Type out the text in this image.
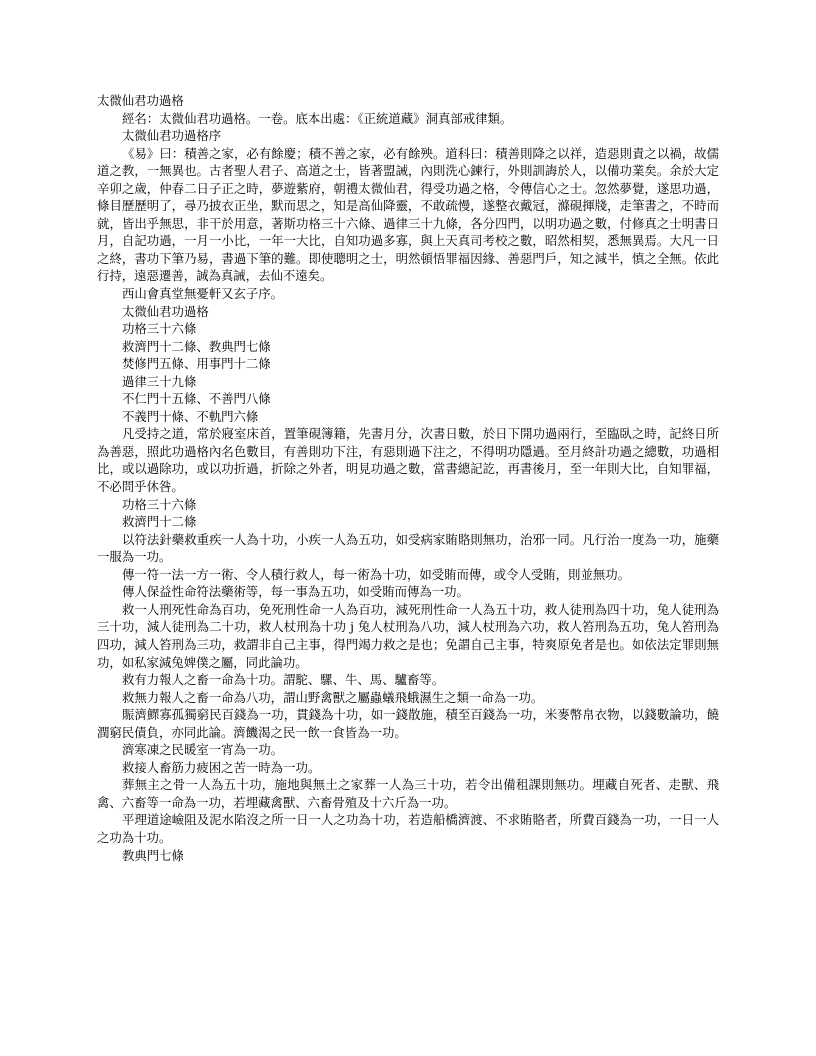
太微仙君功過格

經名：太微仙君功過格。一卷。底本出處：《正統道藏》洞真部戒律類。

太微仙君功過格序

《易》曰：積善之家，必有餘慶；積不善之家，必有餘殃。道科曰：積善則降之以祥，造惡則責之以禍，故儒道之教，一無異也。古者聖人君子、高道之士，皆著盟誡，內則洗心鍊行，外則訓誨於人，以備功業矣。余於大定辛卯之歲，仲春二日子正之時，夢遊紫府，朝禮太微仙君，得受功過之格，令傳信心之士。忽然夢覺，遂思功過，條目歷歷明了，尋乃披衣正坐，默而思之，知是高仙降靈，不敢疏慢，遂整衣戴冠，滌硯揮牋，走筆書之，不時而就，皆出乎無思，非干於用意，著斯功格三十六條、過律三十九條，各分四門，以明功過之數，付修真之士明書日月，自記功過，一月一小比，一年一大比，自知功過多寡，與上天真司考校之數，昭然相契，悉無異焉。大凡一日之終，書功下筆乃易，書過下筆的難。即使聰明之士，明然頓悟罪福因緣、善惡門戶，知之減半，慎之全無。依此行持，遠惡遷善，誠為真誡，去仙不遠矣。

西山會真堂無憂軒又玄子序。

太微仙君功過格

功格三十六條

救濟門十二條、教典門七條

焚修門五條、用事門十二條

過律三十九條

不仁門十五條、不善門八條

不義門十條、不軌門六條

凡受持之道，常於寢室床首，置筆硯簿籍，先書月分，次書日數，於日下開功過兩行，至臨臥之時，記終日所為善惡，照此功過格內名色數目，有善則功下注，有惡則過下注之，不得明功隱過。至月終計功過之總數，功過相比，或以過除功，或以功折過，折除之外者，明見功過之數，當書總記訖，再書後月，至一年則大比，自知罪福，不必問乎休咎。

功格三十六條

救濟門十二條

以符法針藥救重疾一人為十功，小疾一人為五功，如受病家賄賂則無功，治邪一同。凡行治一度為一功，施藥一服為一功。

傳一符一法一方一術、令人積行救人，每一術為十功，如受賄而傳，或令人受賄，則並無功。

傳人保益性命符法藥術等，每一事為五功，如受賄而傳為一功。

救一人刑死性命為百功，免死刑性命一人為百功，減死刑性命一人為五十功，救人徒刑為四十功，兔人徒刑為三十功，減人徒刑為二十功，救人杖刑為十功 j 兔人杖刑為八功，減人杖刑為六功，救人笞刑為五功，兔人笞刑為四功，減人笞刑為三功，救謂非自己主事，得門竭力救之是也；免謂自己主事，特爽原免者是也。如依法定罪則無功，如私家減兔婢僕之屬，同此論功。

救有力報人之畜一命為十功。謂駝、騾、牛、馬、驢畜等。

救無力報人之畜一命為八功，謂山野禽獸之屬蟲蟻飛蛾濕生之類一命為一功。

賑濟鰥寡孤獨窮民百錢為一功，貫錢為十功，如一錢散施，積至百錢為一功，米麥幣帛衣物，以錢數論功，饒潤窮民債負，亦同此論。濟饑渴之民一飲一食皆為一功。

濟寒凍之民暖室一宵為一功。

救接人畜筋力疲困之苦一時為一功。

葬無主之骨一人為五十功，施地與無土之家葬一人為三十功，若令出備租課則無功。埋藏自死者、走獸、飛禽、六畜等一命為一功，若埋藏禽獸、六畜骨殖及十六斤為一功。

平理道途嶮阻及泥水陷沒之所一日一人之功為十功，若造船橋濟渡、不求賄賂者，所費百錢為一功，一日一人之功為十功。

教典門七條
